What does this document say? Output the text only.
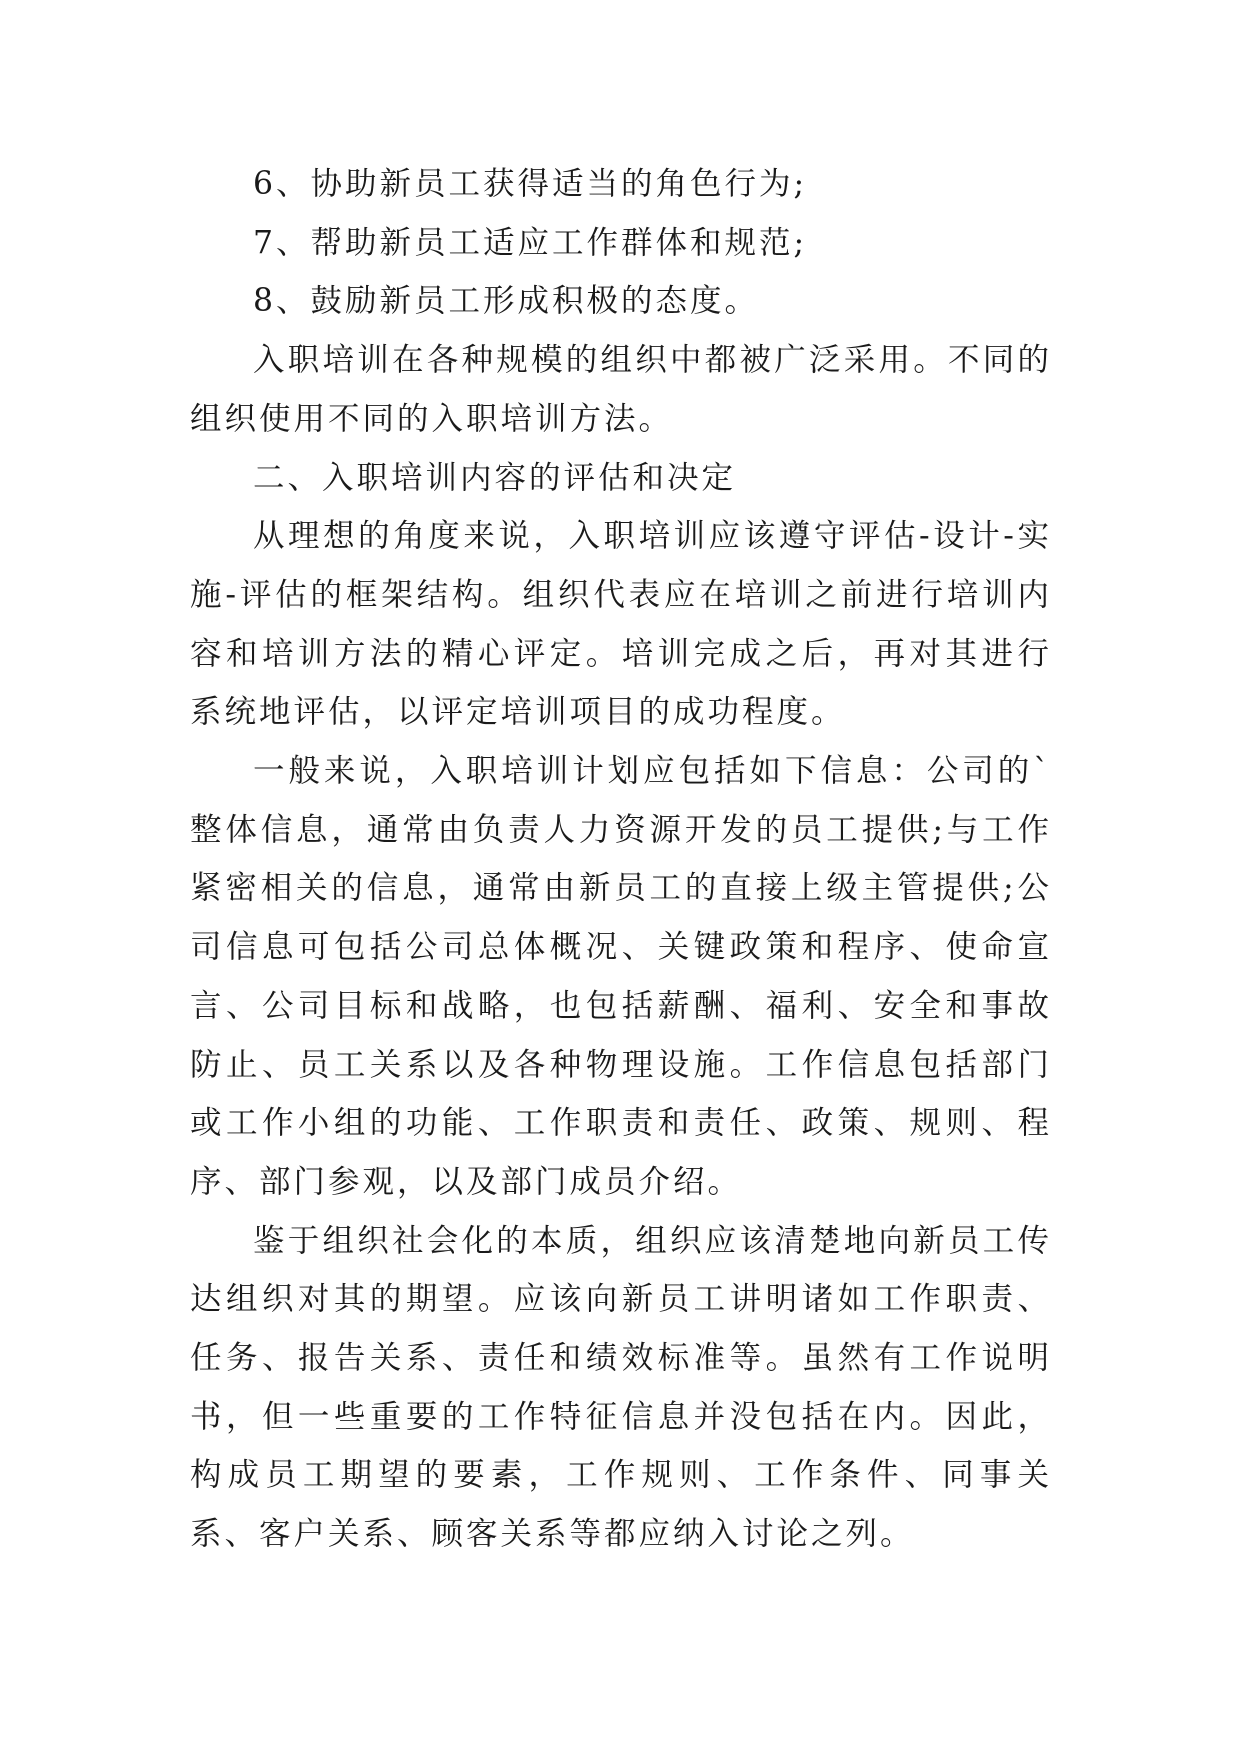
6、协助新员工获得适当的角色行为;

7、帮助新员工适应工作群体和规范;

8、鼓励新员工形成积极的态度。

入职培训在各种规模的组织中都被广泛采用。不同的组织使用不同的入职培训方法。

二、入职培训内容的评估和决定

从理想的角度来说，入职培训应该遵守评估-设计-实施-评估的框架结构。组织代表应在培训之前进行培训内容和培训方法的精心评定。培训完成之后，再对其进行系统地评估，以评定培训项目的成功程度。

一般来说，入职培训计划应包括如下信息：公司的`整体信息，通常由负责人力资源开发的员工提供;与工作紧密相关的信息，通常由新员工的直接上级主管提供;公司信息可包括公司总体概况、关键政策和程序、使命宣言、公司目标和战略，也包括薪酬、福利、安全和事故防止、员工关系以及各种物理设施。工作信息包括部门或工作小组的功能、工作职责和责任、政策、规则、程序、部门参观，以及部门成员介绍。

鉴于组织社会化的本质，组织应该清楚地向新员工传达组织对其的期望。应该向新员工讲明诸如工作职责、任务、报告关系、责任和绩效标准等。虽然有工作说明书，但一些重要的工作特征信息并没包括在内。因此，构成员工期望的要素，工作规则、工作条件、同事关系、客户关系、顾客关系等都应纳入讨论之列。
